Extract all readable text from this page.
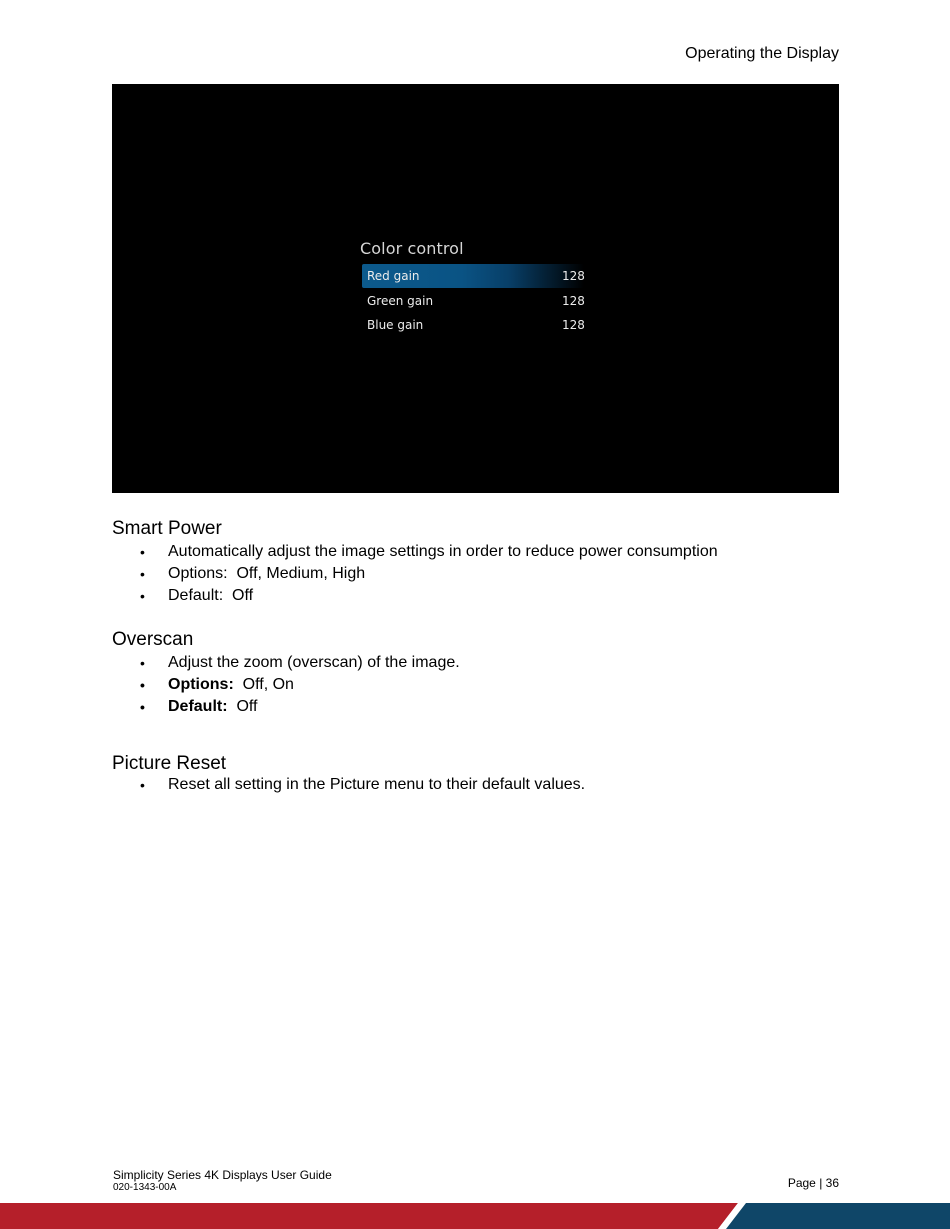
Operating the Display
Color control
Red gain	128
Green gain	128
Blue gain	128
Smart Power
• Automatically adjust the image settings in order to reduce power consumption
• Options:  Off, Medium, High
• Default:  Off
Overscan
• Adjust the zoom (overscan) of the image.
• Options: Off, On
• Default: Off
Picture Reset
• Reset all setting in the Picture menu to their default values.
Simplicity Series 4K Displays User Guide
020-1343-00A	Page | 36
